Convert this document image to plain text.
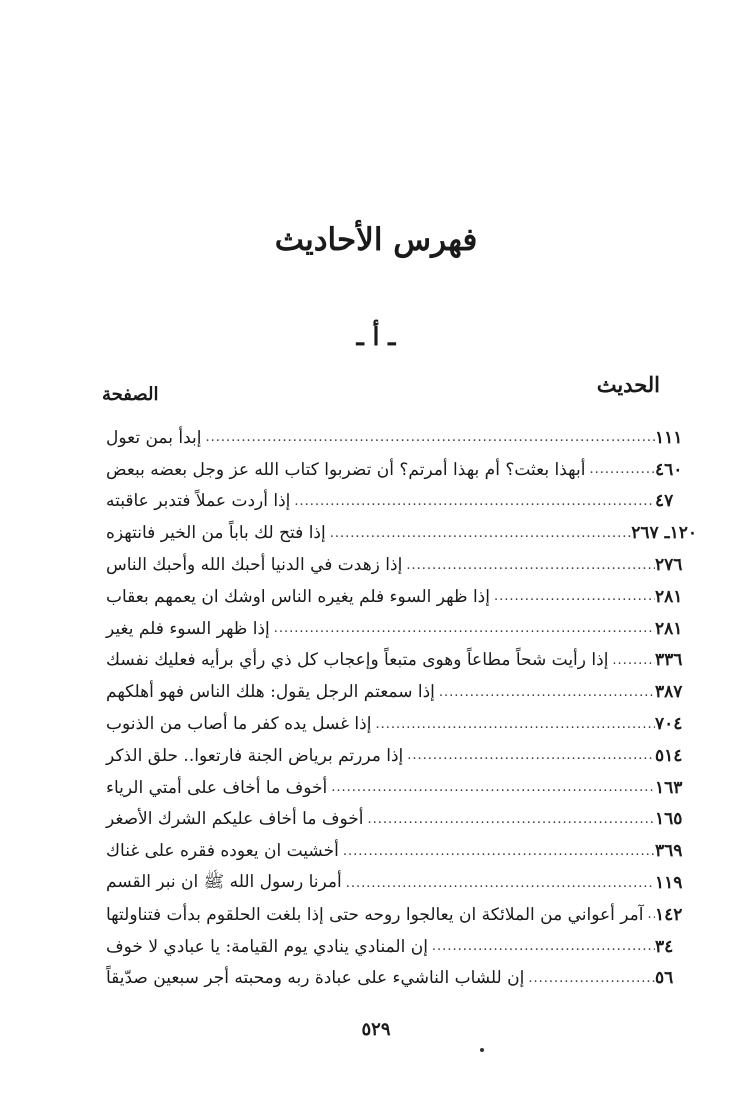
فهرس الأحاديث
ـ أ ـ
الحديث
الصفحة
إبدأ بمن تعول .....	١١١
أبهذا بعثت؟ أم بهذا أمرتم؟ أن تضربوا كتاب الله عز وجل بعضه ببعض .....	٤٦٠
إذا أردت عملاً فتدبر عاقبته .....	٤٧
إذا فتح لك باباً من الخير فانتهزه .....	١٢٠ـ ٢٦٧
إذا زهدت في الدنيا أحبك الله وأحبك الناس .....	٢٧٦
إذا ظهر السوء فلم يغيره الناس اوشك ان يعمهم بعقاب .....	٢٨١
إذا ظهر السوء فلم يغير .....	٢٨١
إذا رأيت شحاً مطاعاً وهوى متبعاً وإعجاب كل ذي رأي برأيه فعليك نفسك .....	٣٣٦
إذا سمعتم الرجل يقول: هلك الناس فهو أهلكهم .....	٣٨٧
إذا غسل يده كفر ما أصاب من الذنوب .....	٧٠٤
إذا مررتم برياض الجنة فارتعوا.. حلق الذكر .....	٥١٤
أخوف ما أخاف على أمتي الرياء .....	١٦٣
أخوف ما أخاف عليكم الشرك الأصغر .....	١٦٥
أخشيت ان يعوده فقره على غناك .....	٣٦٩
أمرنا رسول الله ﷺ ان نبر القسم .....	١١٩
آمر أعواني من الملائكة ان يعالجوا روحه حتى إذا بلغت الحلقوم بدأت فتناولتها ..... ١٤٢
إن المنادي ينادي يوم القيامة: يا عبادي لا خوف .....	٣٤
إن للشاب الناشيء على عبادة ربه ومحبته أجر سبعين صدّيقاً .....	٥٦
٥٢٩
